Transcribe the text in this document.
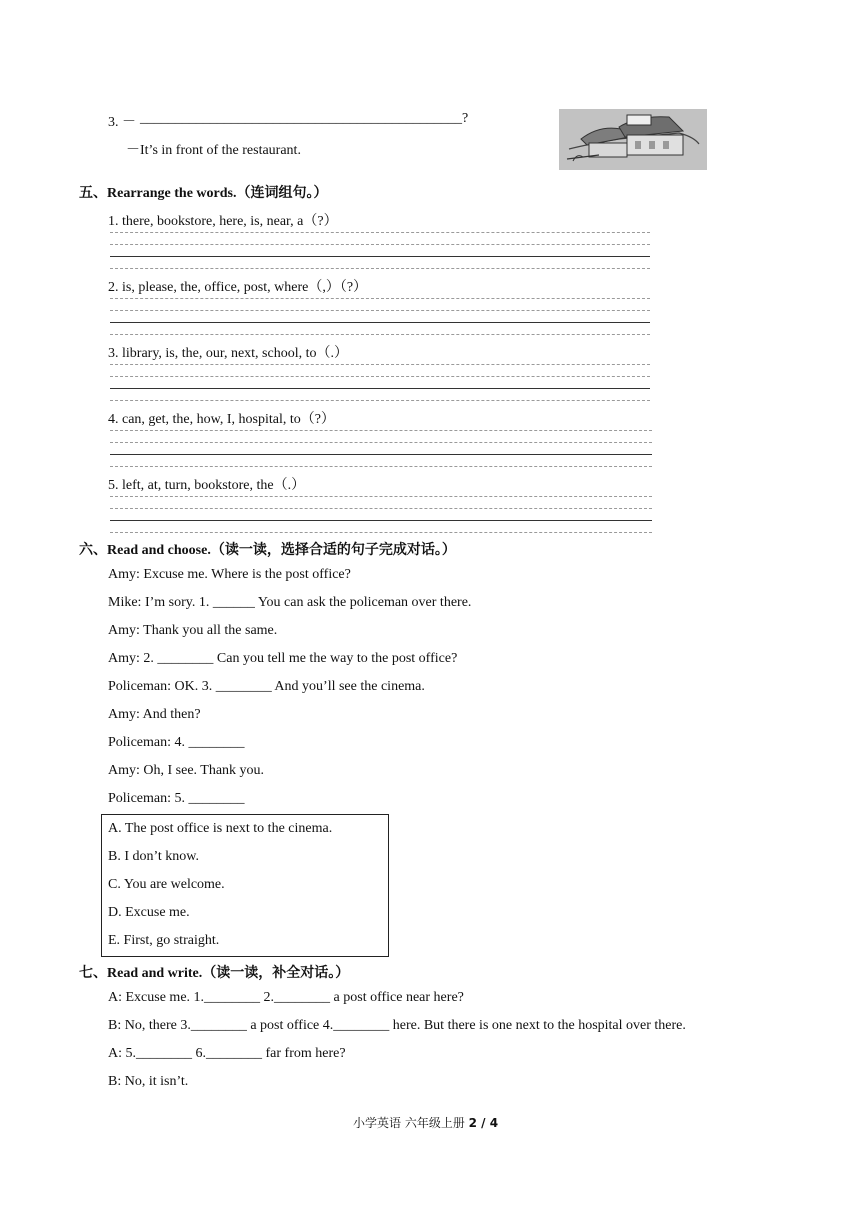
3. － ______________________________________________?
－It’s in front of the restaurant.
五、Rearrange the words.（连词组句。）
1. there, bookstore, here, is, near, a（?）
2. is, please, the, office, post, where（,）（?）
3. library, is, the, our, next, school, to（.）
4. can, get, the, how, I, hospital, to（?）
5. left, at, turn, bookstore, the（.）
六、Read and choose.（读一读，选择合适的句子完成对话。）
Amy: Excuse me. Where is the post office?
Mike: I’m sory. 1. ______ You can ask the policeman over there.
Amy: Thank you all the same.
Amy: 2. ________ Can you tell me the way to the post office?
Policeman: OK. 3. ________ And you’ll see the cinema.
Amy: And then?
Policeman: 4. ________
Amy: Oh, I see. Thank you.
Policeman: 5. ________
A. The post office is next to the cinema.
B. I don’t know.
C. You are welcome.
D. Excuse me.
E. First, go straight.
七、Read and write.（读一读，补全对话。）
A: Excuse me. 1.________ 2.________ a post office near here?
B: No, there 3.________ a post office 4.________ here. But there is one next to the hospital over there.
A: 5.________ 6.________ far from here?
B: No, it isn’t.
小学英语 六年级上册 2 / 4
